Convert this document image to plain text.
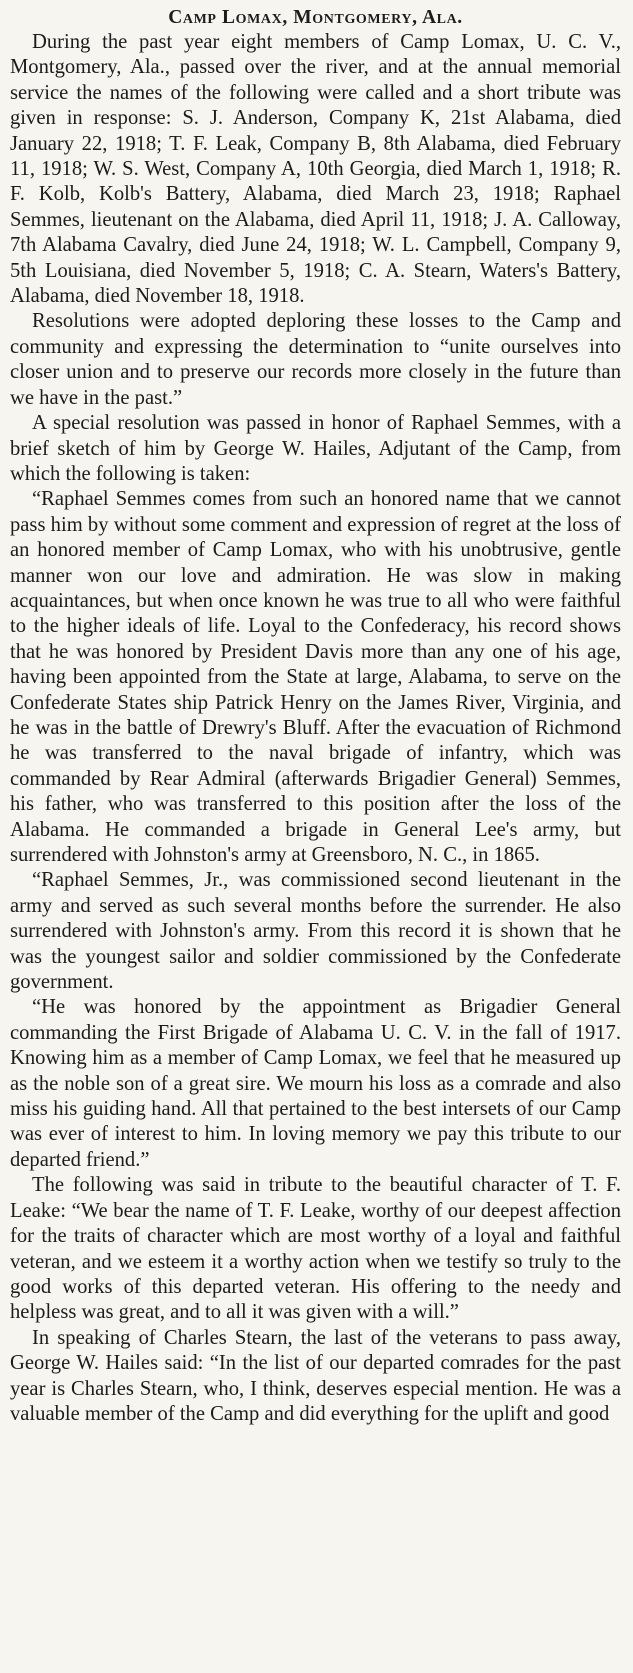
Camp Lomax, Montgomery, Ala.

During the past year eight members of Camp Lomax, U. C. V., Montgomery, Ala., passed over the river, and at the annual memorial service the names of the following were called and a short tribute was given in response: S. J. Anderson, Company K, 21st Alabama, died January 22, 1918; T. F. Leak, Company B, 8th Alabama, died February 11, 1918; W. S. West, Company A, 10th Georgia, died March 1, 1918; R. F. Kolb, Kolb's Battery, Alabama, died March 23, 1918; Raphael Semmes, lieutenant on the Alabama, died April 11, 1918; J. A. Calloway, 7th Alabama Cavalry, died June 24, 1918; W. L. Campbell, Company 9, 5th Louisiana, died November 5, 1918; C. A. Stearn, Waters's Battery, Alabama, died November 18, 1918.

Resolutions were adopted deploring these losses to the Camp and community and expressing the determination to “unite ourselves into closer union and to preserve our records more closely in the future than we have in the past.”

A special resolution was passed in honor of Raphael Semmes, with a brief sketch of him by George W. Hailes, Adjutant of the Camp, from which the following is taken:

“Raphael Semmes comes from such an honored name that we cannot pass him by without some comment and expression of regret at the loss of an honored member of Camp Lomax, who with his unobtrusive, gentle manner won our love and admiration. He was slow in making acquaintances, but when once known he was true to all who were faithful to the higher ideals of life. Loyal to the Confederacy, his record shows that he was honored by President Davis more than any one of his age, having been appointed from the State at large, Alabama, to serve on the Confederate States ship Patrick Henry on the James River, Virginia, and he was in the battle of Drewry's Bluff. After the evacuation of Richmond he was transferred to the naval brigade of infantry, which was commanded by Rear Admiral (afterwards Brigadier General) Semmes, his father, who was transferred to this position after the loss of the Alabama. He commanded a brigade in General Lee's army, but surrendered with Johnston's army at Greensboro, N. C., in 1865.

“Raphael Semmes, Jr., was commissioned second lieutenant in the army and served as such several months before the surrender. He also surrendered with Johnston's army. From this record it is shown that he was the youngest sailor and soldier commissioned by the Confederate government.

“He was honored by the appointment as Brigadier General commanding the First Brigade of Alabama U. C. V. in the fall of 1917. Knowing him as a member of Camp Lomax, we feel that he measured up as the noble son of a great sire. We mourn his loss as a comrade and also miss his guiding hand. All that pertained to the best intersets of our Camp was ever of interest to him. In loving memory we pay this tribute to our departed friend.”

The following was said in tribute to the beautiful character of T. F. Leake: “We bear the name of T. F. Leake, worthy of our deepest affection for the traits of character which are most worthy of a loyal and faithful veteran, and we esteem it a worthy action when we testify so truly to the good works of this departed veteran. His offering to the needy and helpless was great, and to all it was given with a will.”

In speaking of Charles Stearn, the last of the veterans to pass away, George W. Hailes said: “In the list of our departed comrades for the past year is Charles Stearn, who, I think, deserves especial mention. He was a valuable member of the Camp and did everything for the uplift and good
